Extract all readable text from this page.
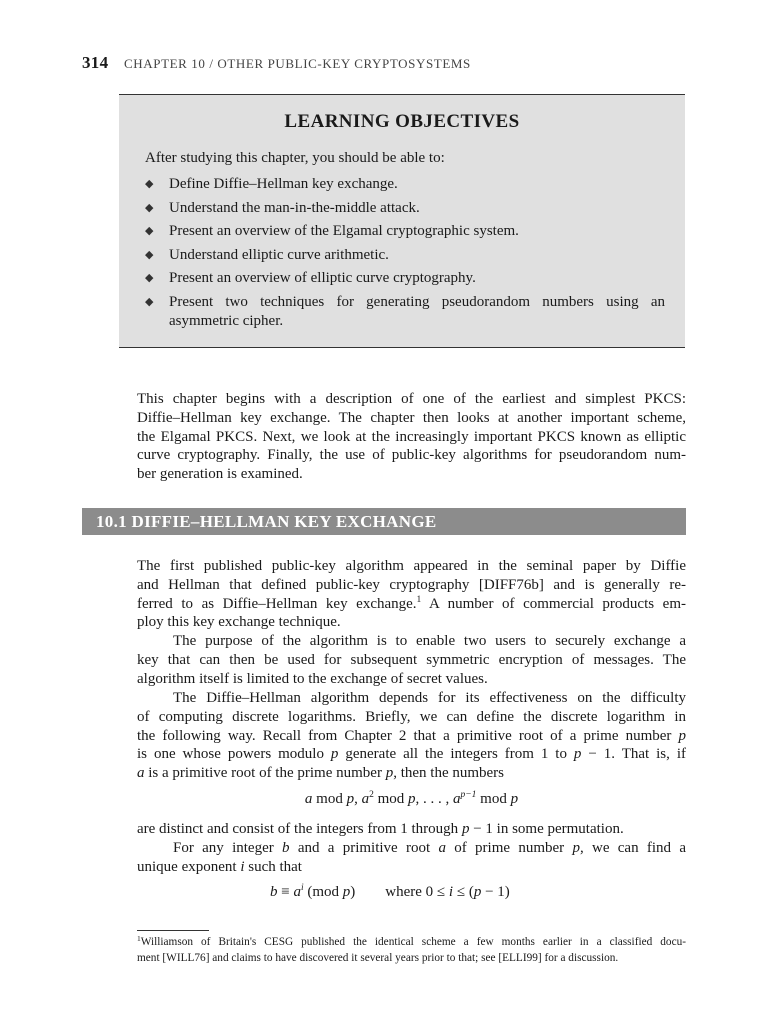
314 CHAPTER 10 / OTHER PUBLIC-KEY CRYPTOSYSTEMS
LEARNING OBJECTIVES
After studying this chapter, you should be able to:
◆ Define Diffie–Hellman key exchange.
◆ Understand the man-in-the-middle attack.
◆ Present an overview of the Elgamal cryptographic system.
◆ Understand elliptic curve arithmetic.
◆ Present an overview of elliptic curve cryptography.
◆ Present two techniques for generating pseudorandom numbers using an asymmetric cipher.
This chapter begins with a description of one of the earliest and simplest PKCS:
Diffie–Hellman key exchange. The chapter then looks at another important scheme,
the Elgamal PKCS. Next, we look at the increasingly important PKCS known as elliptic
curve cryptography. Finally, the use of public-key algorithms for pseudorandom num-
ber generation is examined.
10.1 DIFFIE–HELLMAN KEY EXCHANGE
The first published public-key algorithm appeared in the seminal paper by Diffie
and Hellman that defined public-key cryptography [DIFF76b] and is generally re-
ferred to as Diffie–Hellman key exchange.$^1$ A number of commercial products em-
ploy this key exchange technique.
The purpose of the algorithm is to enable two users to securely exchange a
key that can then be used for subsequent symmetric encryption of messages. The
algorithm itself is limited to the exchange of secret values.
The Diffie–Hellman algorithm depends for its effectiveness on the difficulty
of computing discrete logarithms. Briefly, we can define the discrete logarithm in
the following way. Recall from Chapter 2 that a primitive root of a prime number p
is one whose powers modulo p generate all the integers from 1 to p − 1. That is, if
a is a primitive root of the prime number p, then the numbers
a mod p, $a^2$ mod p, . . . , $a^{p-1}$ mod p
are distinct and consist of the integers from 1 through p − 1 in some permutation.
For any integer b and a primitive root a of prime number p, we can find a
unique exponent i such that
$b \equiv a^i$ (mod p) where 0 ≤ i ≤ (p − 1)
$^1$Williamson of Britain's CESG published the identical scheme a few months earlier in a classified docu-
ment [WILL76] and claims to have discovered it several years prior to that; see [ELLI99] for a discussion.
